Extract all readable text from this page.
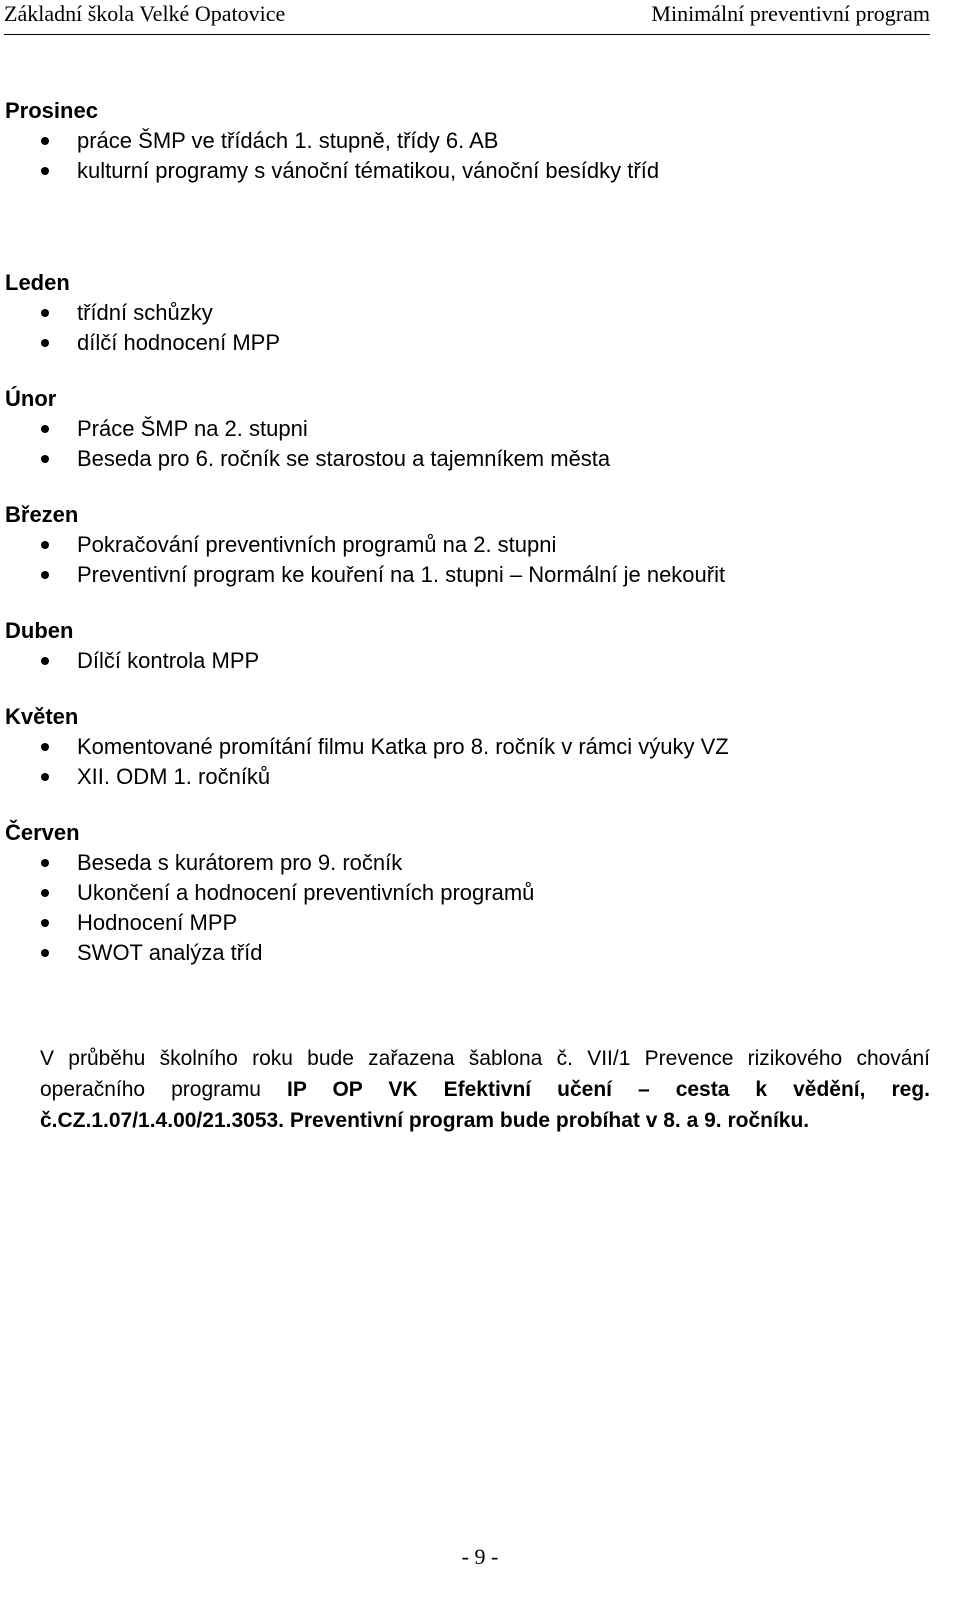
Základní škola Velké Opatovice	Minimální preventivní program
Prosinec
práce ŠMP ve třídách 1. stupně, třídy 6. AB
kulturní programy s vánoční tématikou, vánoční besídky tříd
Leden
třídní schůzky
dílčí hodnocení MPP
Únor
Práce ŠMP na 2. stupni
Beseda pro 6. ročník se starostou a tajemníkem města
Březen
Pokračování preventivních programů na 2. stupni
Preventivní program ke kouření na 1. stupni – Normální je nekouřit
Duben
Dílčí kontrola MPP
Květen
Komentované promítání filmu Katka pro 8. ročník v rámci výuky VZ
XII. ODM 1. ročníků
Červen
Beseda s kurátorem pro 9. ročník
Ukončení a hodnocení preventivních programů
Hodnocení MPP
SWOT analýza tříd

V průběhu školního roku bude zařazena šablona č. VII/1 Prevence rizikového chování operačního programu IP OP VK Efektivní učení – cesta k vědění, reg. č.CZ.1.07/1.4.00/21.3053. Preventivní program bude probíhat v 8. a 9. ročníku.

- 9 -
